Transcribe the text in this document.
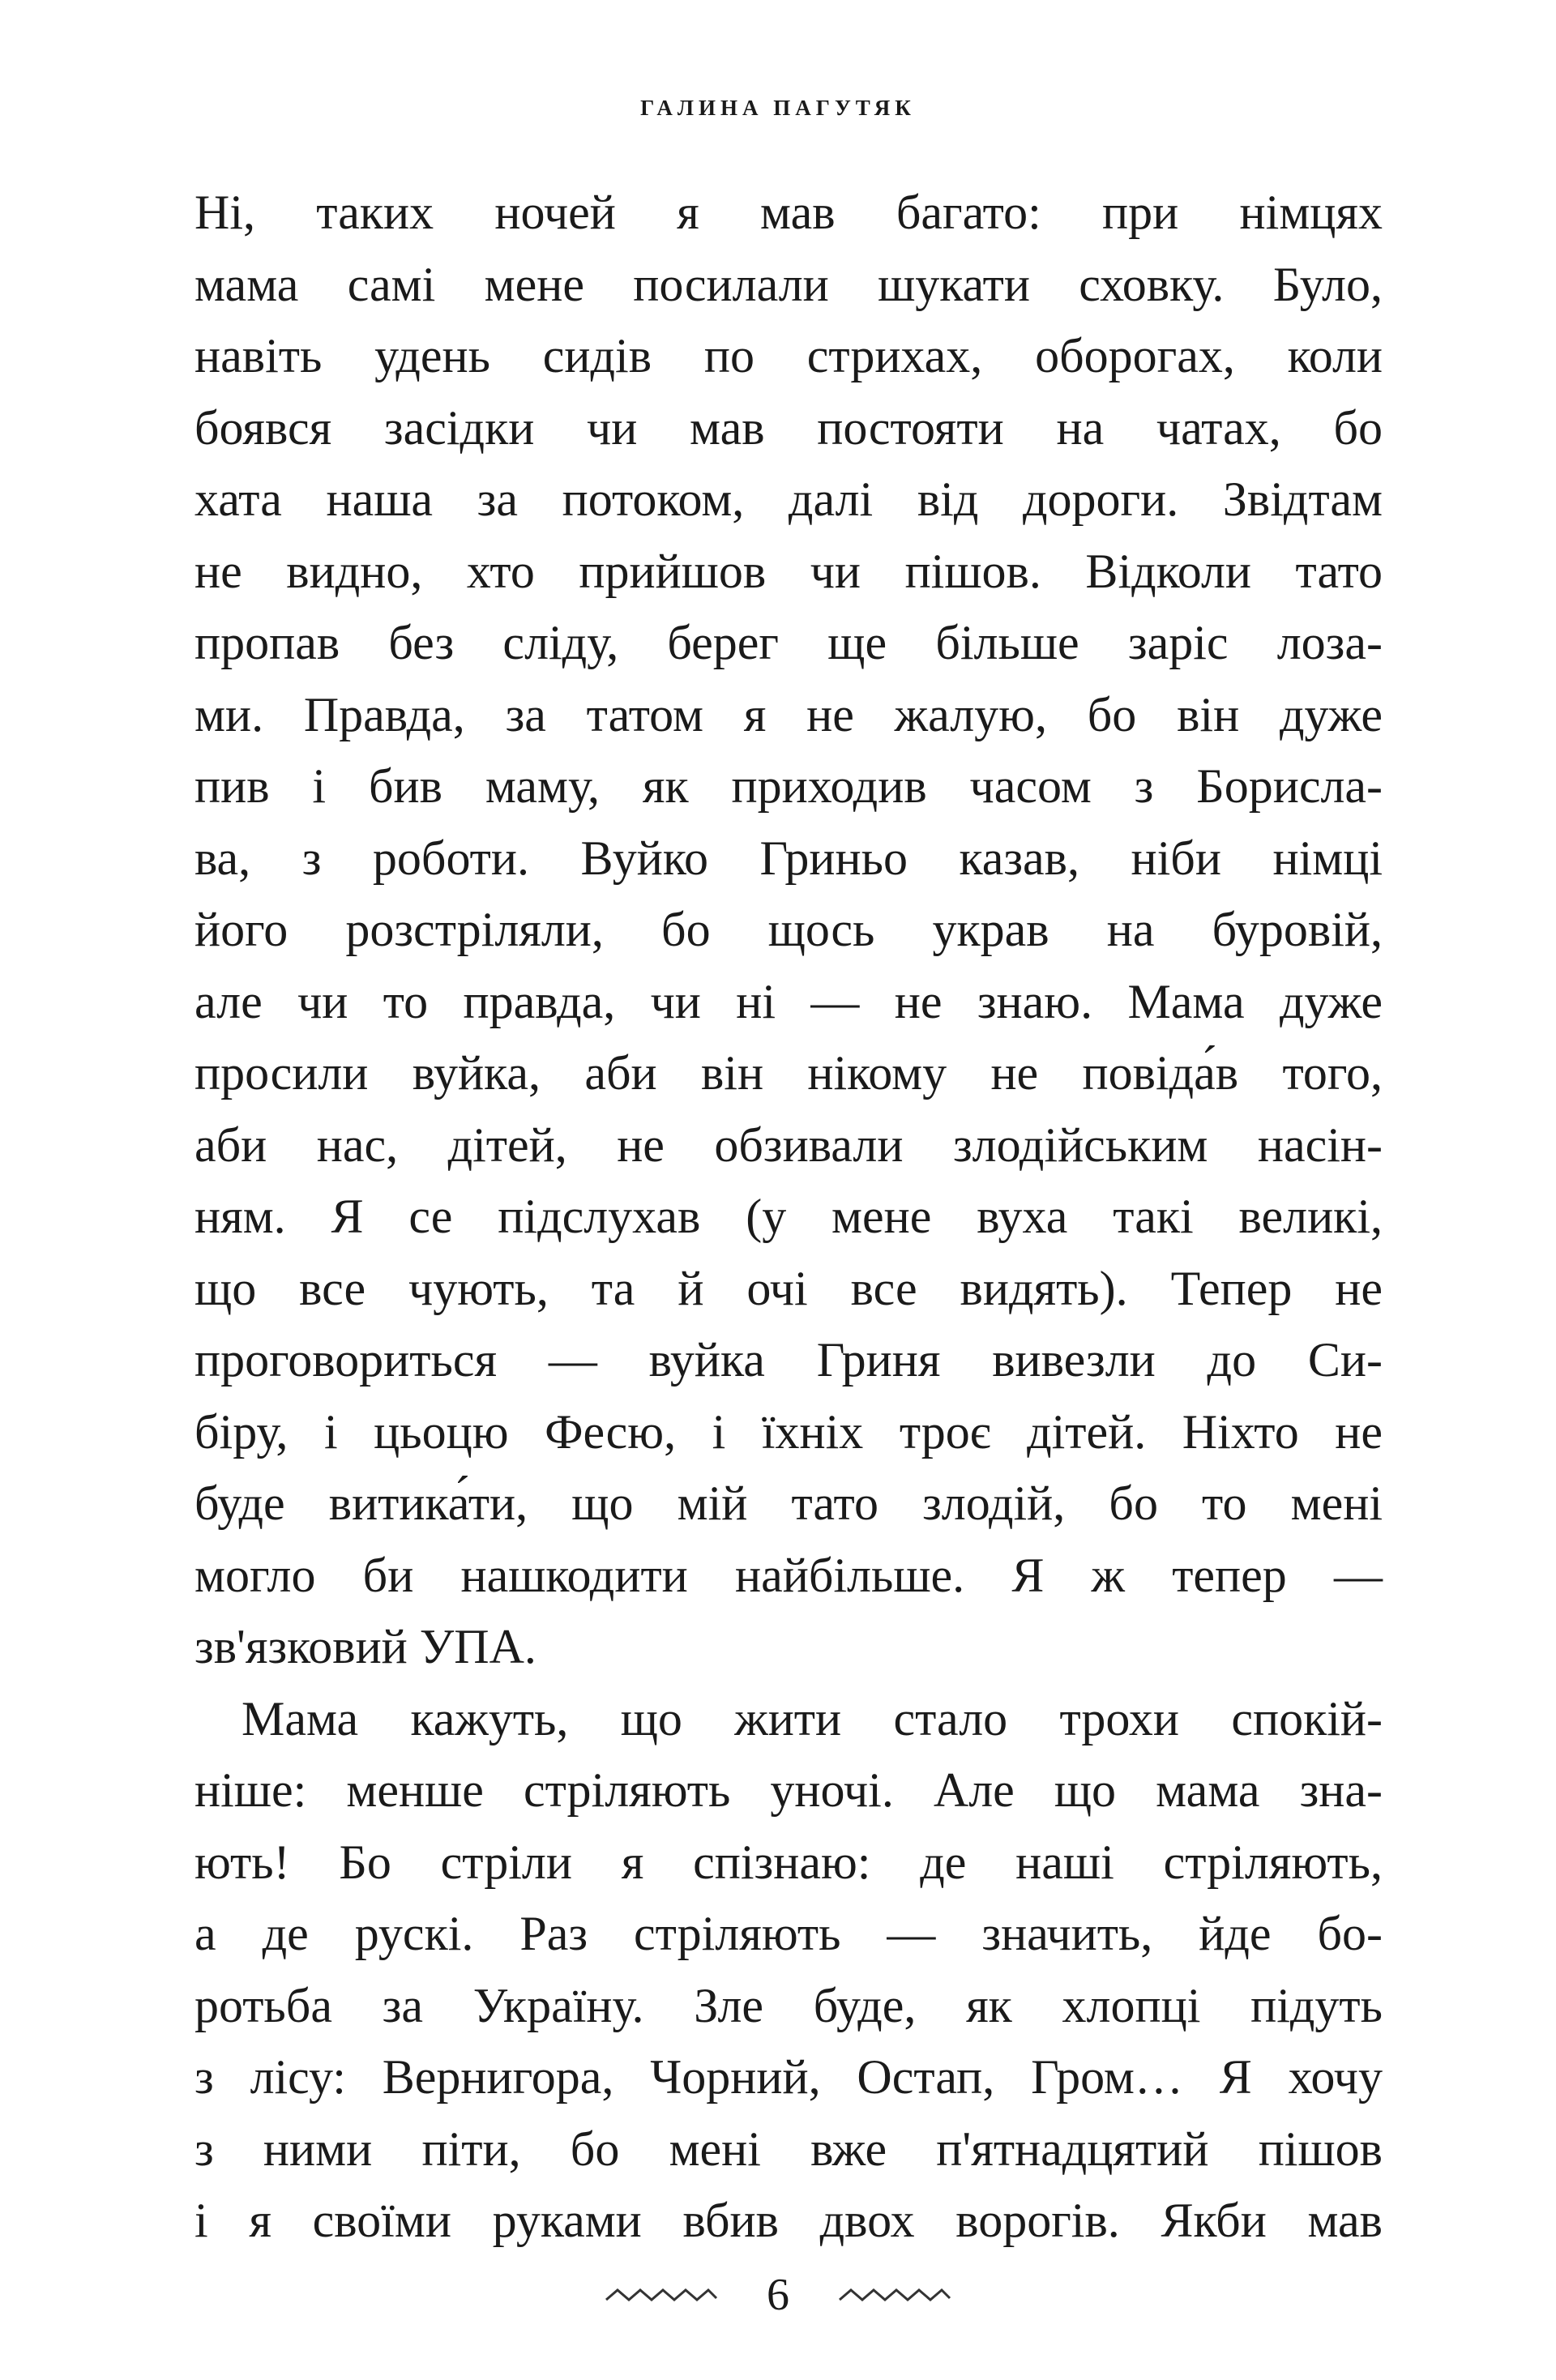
ГАЛИНА ПАГУТЯК
Ні, таких ночей я мав багато: при німцях
мама самі мене посилали шукати сховку. Було,
навіть удень сидів по стрихах, оборогах, коли
боявся засідки чи мав постояти на чатах, бо
хата наша за потоком, далі від дороги. Звідтам
не видно, хто прийшов чи пішов. Відколи тато
пропав без сліду, берег ще більше заріс лоза-
ми. Правда, за татом я не жалую, бо він дуже
пив і бив маму, як приходив часом з Борисла-
ва, з роботи. Вуйко Гриньо казав, ніби німці
його розстріляли, бо щось украв на буровій,
але чи то правда, чи ні — не знаю. Мама дуже
просили вуйка, аби він нікому не повіда́в того,
аби нас, дітей, не обзивали злодійським насін-
ням. Я се підслухав (у мене вуха такі великі,
що все чують, та й очі все видять). Тепер не
проговориться — вуйка Гриня вивезли до Си-
біру, і цьоцю Фесю, і їхніх троє дітей. Ніхто не
буде витика́ти, що мій тато злодій, бо то мені
могло би нашкодити найбільше. Я ж тепер —
зв'язковий УПА.
Мама кажуть, що жити стало трохи спокій-
ніше: менше стріляють уночі. Але що мама зна-
ють! Бо стріли я спізнаю: де наші стріляють,
а де рускі. Раз стріляють — значить, йде бо-
ротьба за Україну. Зле буде, як хлопці підуть
з лісу: Вернигора, Чорний, Остап, Гром… Я хочу
з ними піти, бо мені вже п'ятнадцятий пішов
і я своїми руками вбив двох ворогів. Якби мав
6
